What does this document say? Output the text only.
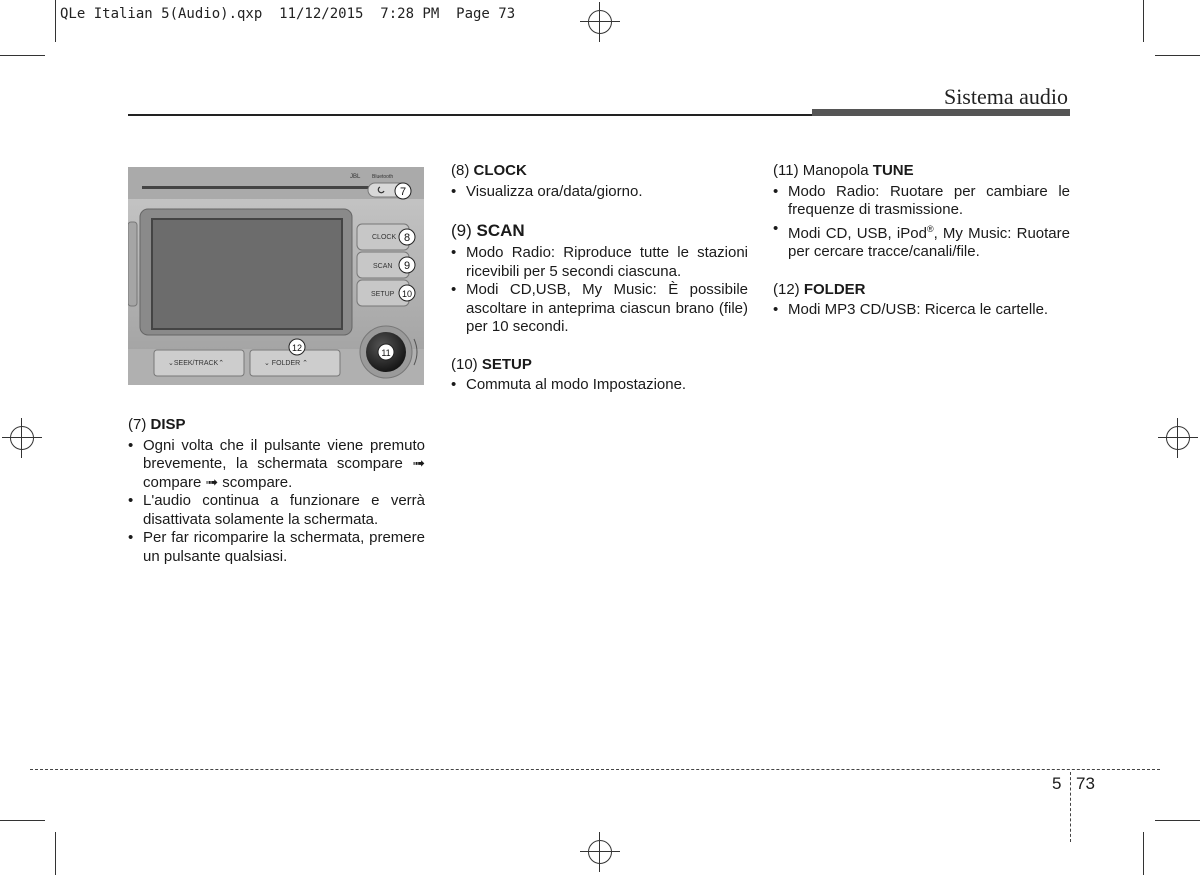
QLe Italian 5(Audio).qxp  11/12/2015  7:28 PM  Page 73
Sistema audio
JBL Bluetooth
CLOCK
SCAN
SETUP
⌄SEEK/TRACK⌃	⌄ FOLDER ⌃
7
8
9
10
11
12
(7) DISP
• Ogni volta che il pulsante viene premuto brevemente, la schermata scompare ➟ compare ➟ scompare.
• L'audio continua a funzionare e verrà disattivata solamente la schermata.
• Per far ricomparire la schermata, premere un pulsante qualsiasi.
(8) CLOCK
• Visualizza ora/data/giorno.
(9) SCAN
• Modo Radio: Riproduce tutte le stazioni ricevibili per 5 secondi ciascuna.
• Modi CD,USB, My Music: È possibile ascoltare in anteprima ciascun brano (file) per 10 secondi.
(10) SETUP
• Commuta al modo Impostazione.
(11) Manopola TUNE
• Modo Radio: Ruotare per cambiare le frequenze di trasmissione.
• Modi CD, USB, iPod®, My Music: Ruotare per cercare tracce/canali/file.
(12) FOLDER
• Modi MP3 CD/USB: Ricerca le cartelle.
5 73
